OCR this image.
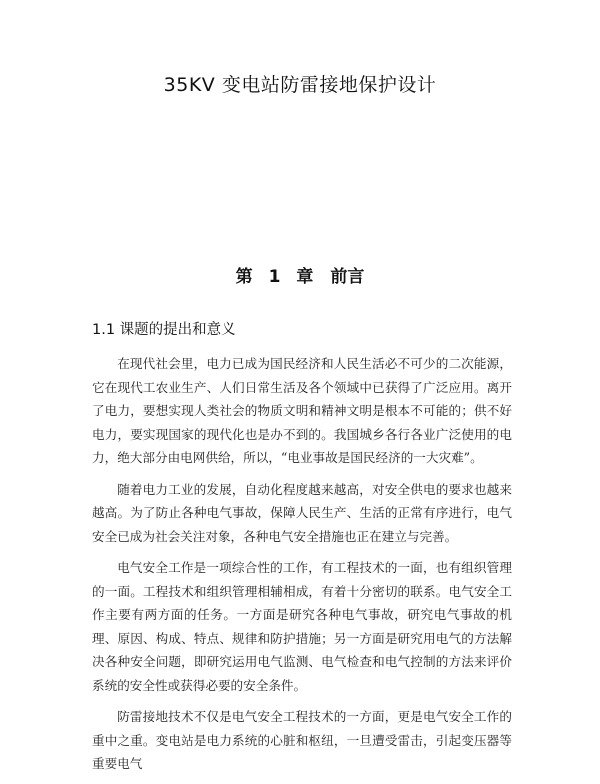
35KV 变电站防雷接地保护设计
第 1 章　前言
1.1 课题的提出和意义

在现代社会里，电力已成为国民经济和人民生活必不可少的二次能源，它在现代工农业生产、人们日常生活及各个领域中已获得了广泛应用。离开了电力，要想实现人类社会的物质文明和精神文明是根本不可能的；供不好电力，要实现国家的现代化也是办不到的。我国城乡各行各业广泛使用的电力，绝大部分由电网供给，所以，“电业事故是国民经济的一大灾难”。

随着电力工业的发展，自动化程度越来越高，对安全供电的要求也越来越高。为了防止各种电气事故，保障人民生产、生活的正常有序进行，电气安全已成为社会关注对象，各种电气安全措施也正在建立与完善。

电气安全工作是一项综合性的工作，有工程技术的一面，也有组织管理的一面。工程技术和组织管理相辅相成，有着十分密切的联系。电气安全工作主要有两方面的任务。一方面是研究各种电气事故，研究电气事故的机理、原因、构成、特点、规律和防护措施；另一方面是研究用电气的方法解决各种安全问题，即研究运用电气监测、电气检查和电气控制的方法来评价系统的安全性或获得必要的安全条件。

防雷接地技术不仅是电气安全工程技术的一方面，更是电气安全工作的重中之重。变电站是电力系统的心脏和枢纽，一旦遭受雷击，引起变压器等重要电气
